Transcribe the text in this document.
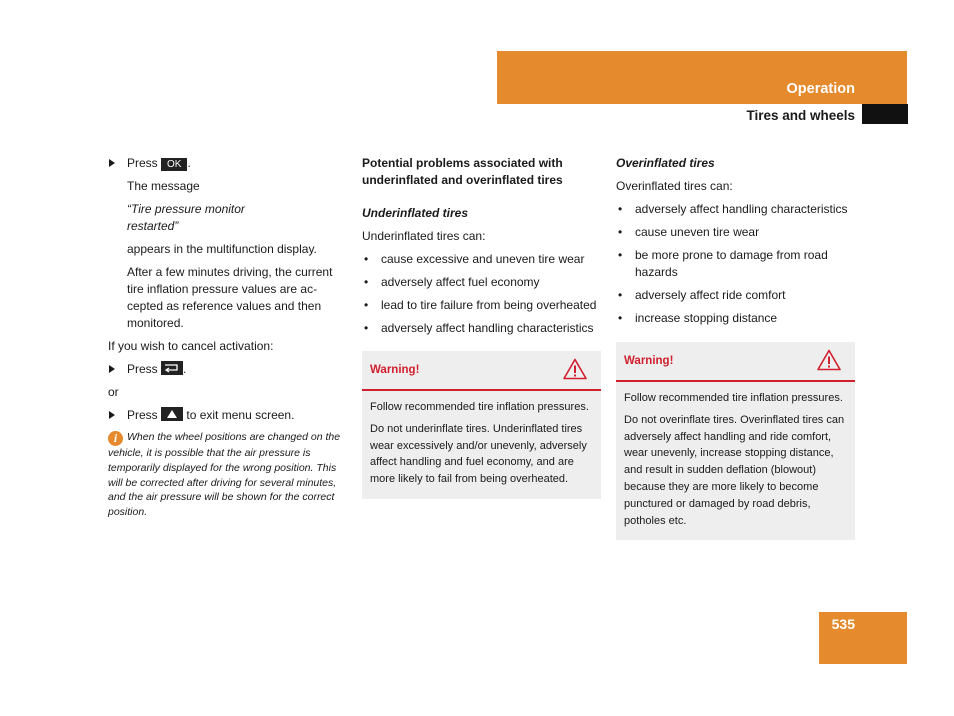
Operation
Tires and wheels
Press OK .

The message

“Tire pressure monitor restarted”

appears in the multifunction display.

After a few minutes driving, the current tire inflation pressure values are ac-cepted as reference values and then monitored.

If you wish to cancel activation:

Press .

or

Press to exit menu screen.
i When the wheel positions are changed on the vehicle, it is possible that the air pressure is temporarily displayed for the wrong position. This will be corrected after driving for several minutes, and the air pressure will be shown for the correct position.

Potential problems associated with underinflated and overinflated tires

Underinflated tires

Underinflated tires can:

• cause excessive and uneven tire wear
• adversely affect fuel economy
• lead to tire failure from being overheated
• adversely affect handling characteristics
Warning!

Follow recommended tire inflation pressures.

Do not underinflate tires. Underinflated tires wear excessively and/or unevenly, adversely affect handling and fuel economy, and are more likely to fail from being overheated.

Overinflated tires

Overinflated tires can:

• adversely affect handling characteristics
• cause uneven tire wear
• be more prone to damage from road hazards
• adversely affect ride comfort
• increase stopping distance
Warning!

Follow recommended tire inflation pressures.

Do not overinflate tires. Overinflated tires can adversely affect handling and ride comfort, wear unevenly, increase stopping distance, and result in sudden deflation (blowout) because they are more likely to become punctured or damaged by road debris, potholes etc.

535
